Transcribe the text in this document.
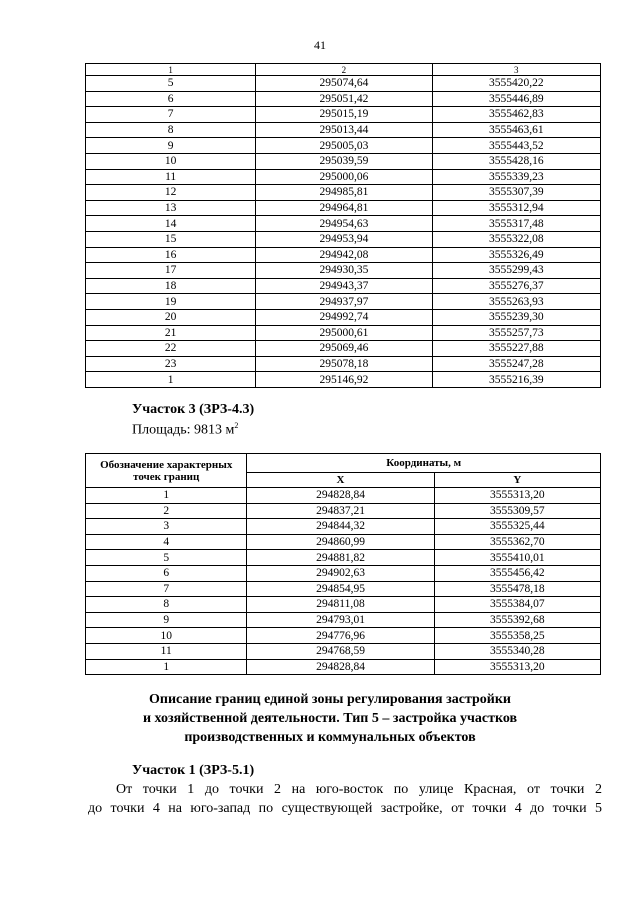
41
1	2	3
5	295074,64	3555420,22
6	295051,42	3555446,89
7	295015,19	3555462,83
8	295013,44	3555463,61
9	295005,03	3555443,52
10	295039,59	3555428,16
11	295000,06	3555339,23
12	294985,81	3555307,39
13	294964,81	3555312,94
14	294954,63	3555317,48
15	294953,94	3555322,08
16	294942,08	3555326,49
17	294930,35	3555299,43
18	294943,37	3555276,37
19	294937,97	3555263,93
20	294992,74	3555239,30
21	295000,61	3555257,73
22	295069,46	3555227,88
23	295078,18	3555247,28
1	295146,92	3555216,39
Участок 3 (ЗРЗ-4.3)
Площадь: 9813 $м^2$
Обозначение характерных точек границ	Координаты, м	
	X	Y
1	294828,84	3555313,20
2	294837,21	3555309,57
3	294844,32	3555325,44
4	294860,99	3555362,70
5	294881,82	3555410,01
6	294902,63	3555456,42
7	294854,95	3555478,18
8	294811,08	3555384,07
9	294793,01	3555392,68
10	294776,96	3555358,25
11	294768,59	3555340,28
1	294828,84	3555313,20
Описание границ единой зоны регулирования застройки
и хозяйственной деятельности. Тип 5 – застройка участков
производственных и коммунальных объектов
Участок 1 (ЗРЗ-5.1)
От точки 1 до точки 2 на юго-восток по улице Красная, от точки 2
до точки 4 на юго-запад по существующей застройке, от точки 4 до точки 5
